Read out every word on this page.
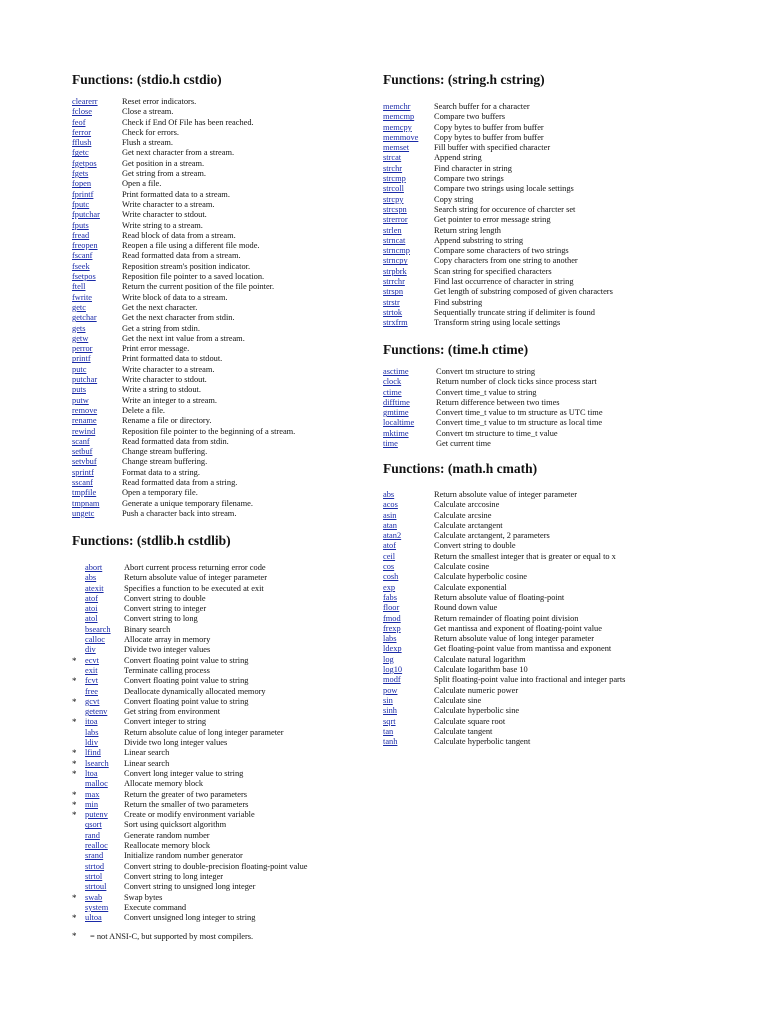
Functions: (stdio.h cstdio)
clearerr	Reset error indicators.
fclose	Close a stream.
feof	Check if End Of File has been reached.
ferror	Check for errors.
fflush	Flush a stream.
fgetc	Get next character from a stream.
fgetpos	Get position in a stream.
fgets	Get string from a stream.
fopen	Open a file.
fprintf	Print formatted data to a stream.
fputc	Write character to a stream.
fputchar	Write character to stdout.
fputs	Write string to a stream.
fread	Read block of data from a stream.
freopen	Reopen a file using a different file mode.
fscanf	Read formatted data from a stream.
fseek	Reposition stream's position indicator.
fsetpos	Reposition file pointer to a saved location.
ftell	Return the current position of the file pointer.
fwrite	Write block of data to a stream.
getc	Get the next character.
getchar	Get the next character from stdin.
gets	Get a string from stdin.
getw	Get the next int value from a stream.
perror	Print error message.
printf	Print formatted data to stdout.
putc	Write character to a stream.
putchar	Write character to stdout.
puts	Write a string to stdout.
putw	Write an integer to a stream.
remove	Delete a file.
rename	Rename a file or directory.
rewind	Reposition file pointer to the beginning of a stream.
scanf	Read formatted data from stdin.
setbuf	Change stream buffering.
setvbuf	Change stream buffering.
sprintf	Format data to a string.
sscanf	Read formatted data from a string.
tmpfile	Open a temporary file.
tmpnam	Generate a unique temporary filename.
ungetc	Push a character back into stream.
Functions: (stdlib.h cstdlib)
abort	Abort current process returning error code
abs	Return absolute value of integer parameter
atexit	Specifies a function to be executed at exit
atof	Convert string to double
atoi	Convert string to integer
atol	Convert string to long
bsearch	Binary search
calloc	Allocate array in memory
div	Divide two integer values
*	ecvt	Convert floating point value to string
exit	Terminate calling process
*	fcvt	Convert floating point value to string
free	Deallocate dynamically allocated memory
*	gcvt	Convert floating point value to string
getenv	Get string from environment
*	itoa	Convert integer to string
labs	Return absolute calue of long integer parameter
ldiv	Divide two long integer values
*	lfind	Linear search
*	lsearch	Linear search
*	ltoa	Convert long integer value to string
malloc	Allocate memory block
*	max	Return the greater of two parameters
*	min	Return the smaller of two parameters
*	putenv	Create or modify environment variable
qsort	Sort using quicksort algorithm
rand	Generate random number
realloc	Reallocate memory block
srand	Initialize random number generator
strtod	Convert string to double-precision floating-point value
strtol	Convert string to long integer
strtoul	Convert string to unsigned long integer
*	swab	Swap bytes
system	Execute command
*	ultoa	Convert unsigned long integer to string
* = not ANSI-C, but supported by most compilers.
Functions: (string.h cstring)
memchr	Search buffer for a character
memcmp	Compare two buffers
memcpy	Copy bytes to buffer from buffer
memmove	Copy bytes to buffer from buffer
memset	Fill buffer with specified character
strcat	Append string
strchr	Find character in string
strcmp	Compare two strings
strcoll	Compare two strings using locale settings
strcpy	Copy string
strcspn	Search string for occurence of charcter set
strerror	Get pointer to error message string
strlen	Return string length
strncat	Append substring to string
strncmp	Compare some characters of two strings
strncpy	Copy characters from one string to another
strpbrk	Scan string for specified characters
strrchr	Find last occurrence of character in string
strspn	Get length of substring composed of given characters
strstr	Find substring
strtok	Sequentially truncate string if delimiter is found
strxfrm	Transform string using locale settings
Functions: (time.h ctime)
asctime	Convert tm structure to string
clock	Return number of clock ticks since process start
ctime	Convert time_t value to string
difftime	Return difference between two times
gmtime	Convert time_t value to tm structure as UTC time
localtime	Convert time_t value to tm structure as local time
mktime	Convert tm structure to time_t value
time	Get current time
Functions: (math.h cmath)
abs	Return absolute value of integer parameter
acos	Calculate arccosine
asin	Calculate arcsine
atan	Calculate arctangent
atan2	Calculate arctangent, 2 parameters
atof	Convert string to double
ceil	Return the smallest integer that is greater or equal to x
cos	Calculate cosine
cosh	Calculate hyperbolic cosine
exp	Calculate exponential
fabs	Return absolute value of floating-point
floor	Round down value
fmod	Return remainder of floating point division
frexp	Get mantissa and exponent of floating-point value
labs	Return absolute value of long integer parameter
ldexp	Get floating-point value from mantissa and exponent
log	Calculate natural logarithm
log10	Calculate logarithm base 10
modf	Split floating-point value into fractional and integer parts
pow	Calculate numeric power
sin	Calculate sine
sinh	Calculate hyperbolic sine
sqrt	Calculate square root
tan	Calculate tangent
tanh	Calculate hyperbolic tangent
